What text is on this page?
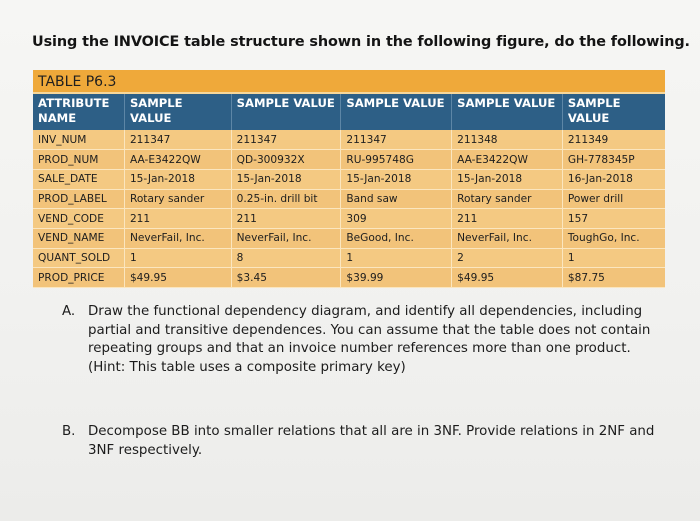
Using the INVOICE table structure shown in the following figure, do the following.
TABLE P6.3
ATTRIBUTE NAME	SAMPLE VALUE	SAMPLE VALUE	SAMPLE VALUE	SAMPLE VALUE	SAMPLE VALUE
INV_NUM	211347	211347	211347	211348	211349
PROD_NUM	AA-E3422QW	QD-300932X	RU-995748G	AA-E3422QW	GH-778345P
SALE_DATE	15-Jan-2018	15-Jan-2018	15-Jan-2018	15-Jan-2018	16-Jan-2018
PROD_LABEL	Rotary sander	0.25-in. drill bit	Band saw	Rotary sander	Power drill
VEND_CODE	211	211	309	211	157
VEND_NAME	NeverFail, Inc.	NeverFail, Inc.	BeGood, Inc.	NeverFail, Inc.	ToughGo, Inc.
QUANT_SOLD	1	8	1	2	1
PROD_PRICE	$49.95	$3.45	$39.99	$49.95	$87.75
A. Draw the functional dependency diagram, and identify all dependencies, including partial and transitive dependences. You can assume that the table does not contain repeating groups and that an invoice number references more than one product. (Hint: This table uses a composite primary key)
B. Decompose BB into smaller relations that all are in 3NF. Provide relations in 2NF and 3NF respectively.
